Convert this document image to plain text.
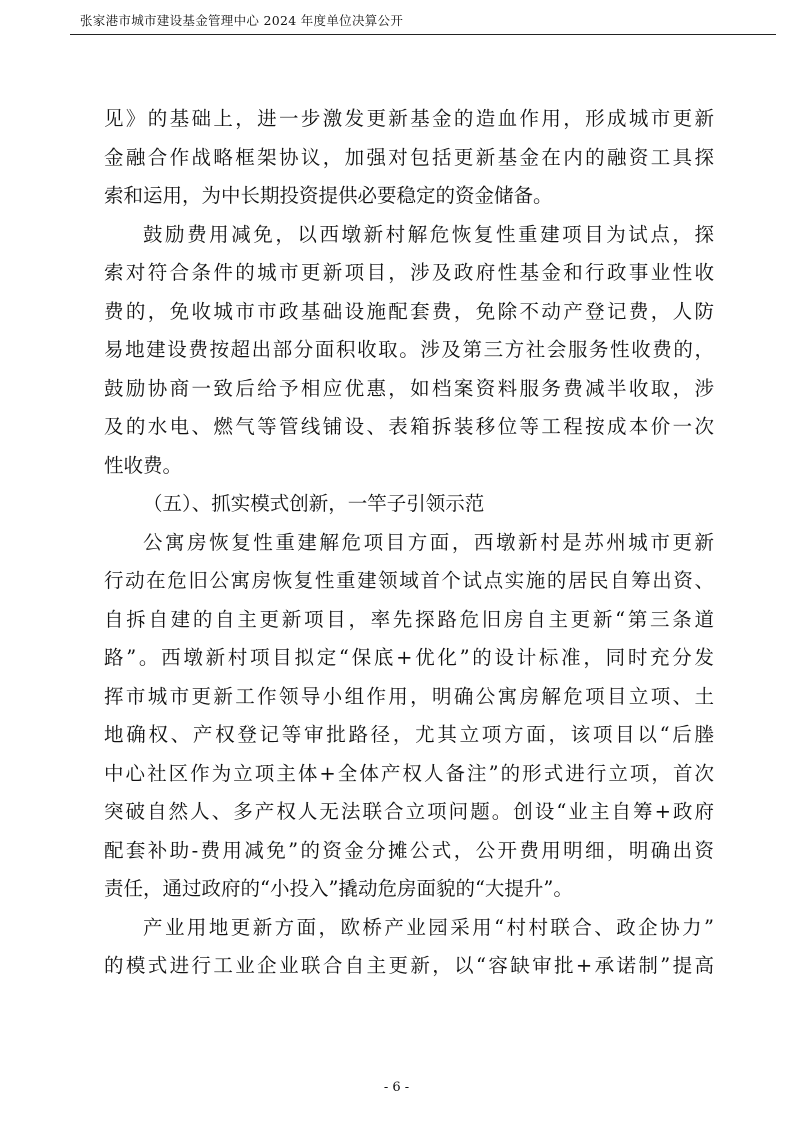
张家港市城市建设基金管理中心 2024 年度单位决算公开
见》的基础上，进一步激发更新基金的造血作用，形成城市更新
金融合作战略框架协议，加强对包括更新基金在内的融资工具探
索和运用，为中长期投资提供必要稳定的资金储备。
鼓励费用减免，以西墩新村解危恢复性重建项目为试点，探
索对符合条件的城市更新项目，涉及政府性基金和行政事业性收
费的，免收城市市政基础设施配套费，免除不动产登记费，人防
易地建设费按超出部分面积收取。涉及第三方社会服务性收费的，
鼓励协商一致后给予相应优惠，如档案资料服务费减半收取，涉
及的水电、燃气等管线铺设、表箱拆装移位等工程按成本价一次
性收费。
（五）、抓实模式创新，一竿子引领示范
公寓房恢复性重建解危项目方面，西墩新村是苏州城市更新
行动在危旧公寓房恢复性重建领域首个试点实施的居民自筹出资、
自拆自建的自主更新项目，率先探路危旧房自主更新“第三条道
路”。西墩新村项目拟定“保底+优化”的设计标准，同时充分发
挥市城市更新工作领导小组作用，明确公寓房解危项目立项、土
地确权、产权登记等审批路径，尤其立项方面，该项目以“后塍
中心社区作为立项主体+全体产权人备注”的形式进行立项，首次
突破自然人、多产权人无法联合立项问题。创设“业主自筹+政府
配套补助-费用减免”的资金分摊公式，公开费用明细，明确出资
责任，通过政府的“小投入”撬动危房面貌的“大提升”。
产业用地更新方面，欧桥产业园采用“村村联合、政企协力”
的模式进行工业企业联合自主更新，以“容缺审批+承诺制”提高
- 6 -
